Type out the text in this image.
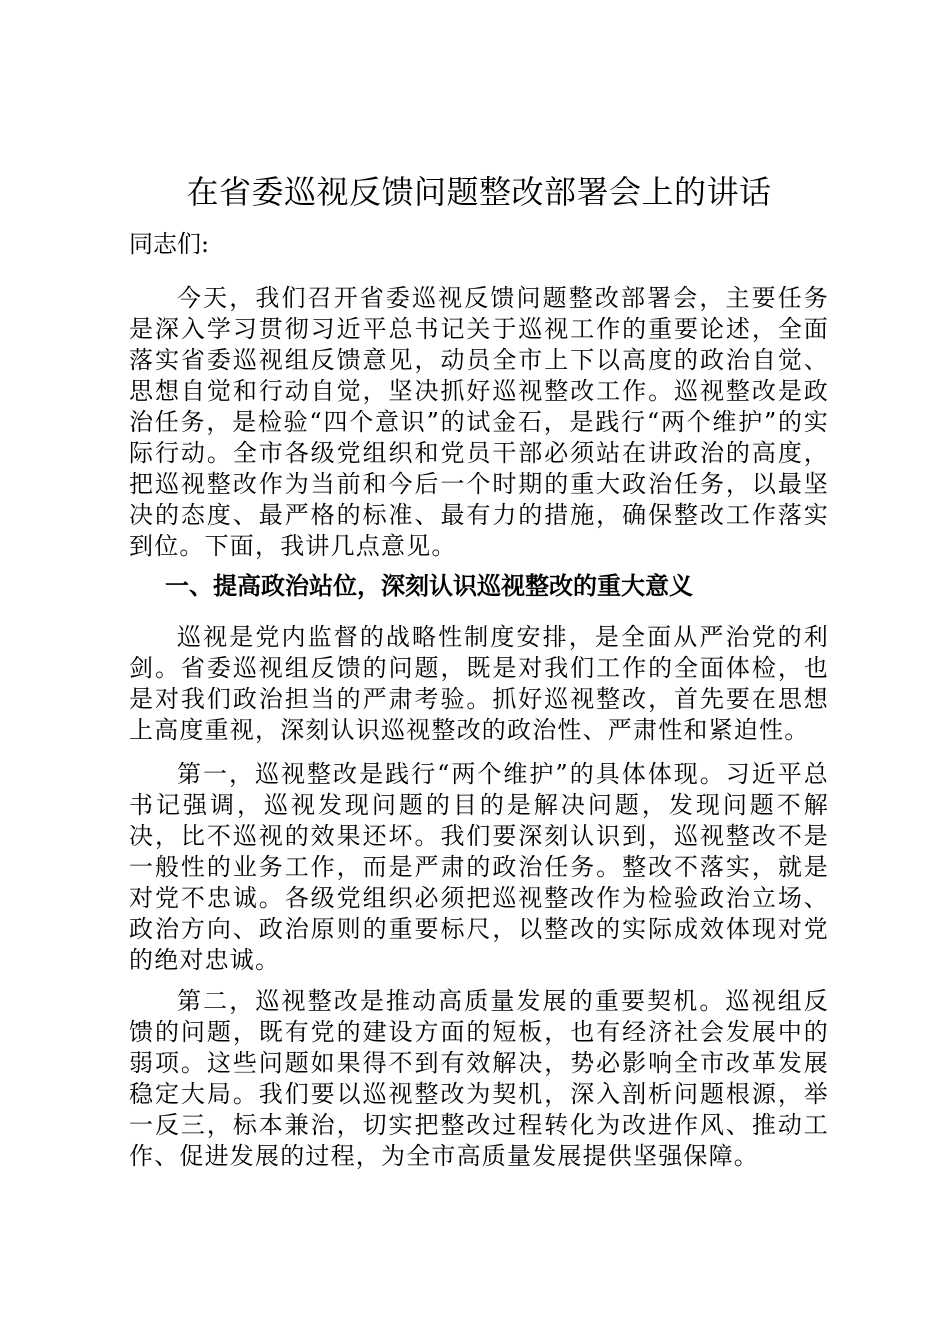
在省委巡视反馈问题整改部署会上的讲话

同志们:

今天，我们召开省委巡视反馈问题整改部署会，主要任务是深入学习贯彻习近平总书记关于巡视工作的重要论述，全面落实省委巡视组反馈意见，动员全市上下以高度的政治自觉、思想自觉和行动自觉，坚决抓好巡视整改工作。巡视整改是政治任务，是检验“四个意识”的试金石，是践行“两个维护”的实际行动。全市各级党组织和党员干部必须站在讲政治的高度，把巡视整改作为当前和今后一个时期的重大政治任务，以最坚决的态度、最严格的标准、最有力的措施，确保整改工作落实到位。下面，我讲几点意见。

一、提高政治站位，深刻认识巡视整改的重大意义

巡视是党内监督的战略性制度安排，是全面从严治党的利剑。省委巡视组反馈的问题，既是对我们工作的全面体检，也是对我们政治担当的严肃考验。抓好巡视整改，首先要在思想上高度重视，深刻认识巡视整改的政治性、严肃性和紧迫性。

第一，巡视整改是践行“两个维护”的具体体现。习近平总书记强调，巡视发现问题的目的是解决问题，发现问题不解决，比不巡视的效果还坏。我们要深刻认识到，巡视整改不是一般性的业务工作，而是严肃的政治任务。整改不落实，就是对党不忠诚。各级党组织必须把巡视整改作为检验政治立场、政治方向、政治原则的重要标尺，以整改的实际成效体现对党的绝对忠诚。

第二，巡视整改是推动高质量发展的重要契机。巡视组反馈的问题，既有党的建设方面的短板，也有经济社会发展中的弱项。这些问题如果得不到有效解决，势必影响全市改革发展稳定大局。我们要以巡视整改为契机，深入剖析问题根源，举一反三，标本兼治，切实把整改过程转化为改进作风、推动工作、促进发展的过程，为全市高质量发展提供坚强保障。
